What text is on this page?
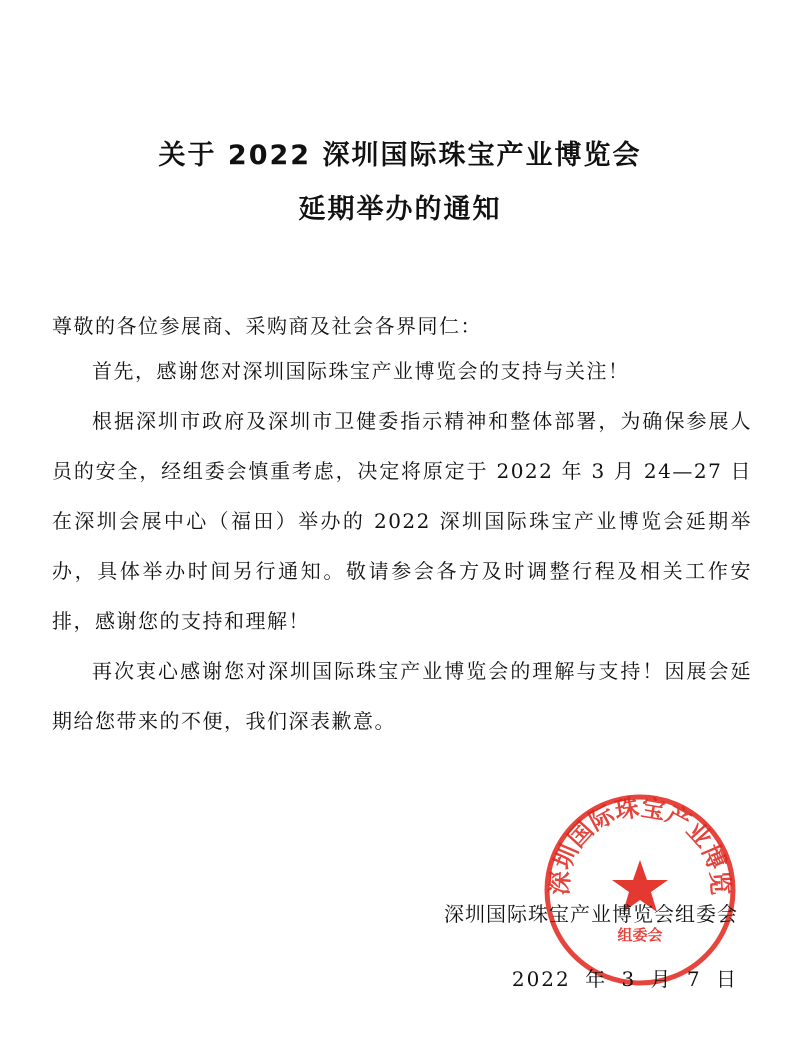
关于 2022 深圳国际珠宝产业博览会
延期举办的通知
尊敬的各位参展商、采购商及社会各界同仁：

首先，感谢您对深圳国际珠宝产业博览会的支持与关注！

根据深圳市政府及深圳市卫健委指示精神和整体部署，为确保参展人员的安全，经组委会慎重考虑，决定将原定于 2022 年 3 月 24—27 日在深圳会展中心（福田）举办的 2022 深圳国际珠宝产业博览会延期举办，具体举办时间另行通知。敬请参会各方及时调整行程及相关工作安排，感谢您的支持和理解！

再次衷心感谢您对深圳国际珠宝产业博览会的理解与支持！因展会延期给您带来的不便，我们深表歉意。

深圳国际珠宝产业博览
组委会
深圳国际珠宝产业博览会组委会
2022 年 3 月 7 日
